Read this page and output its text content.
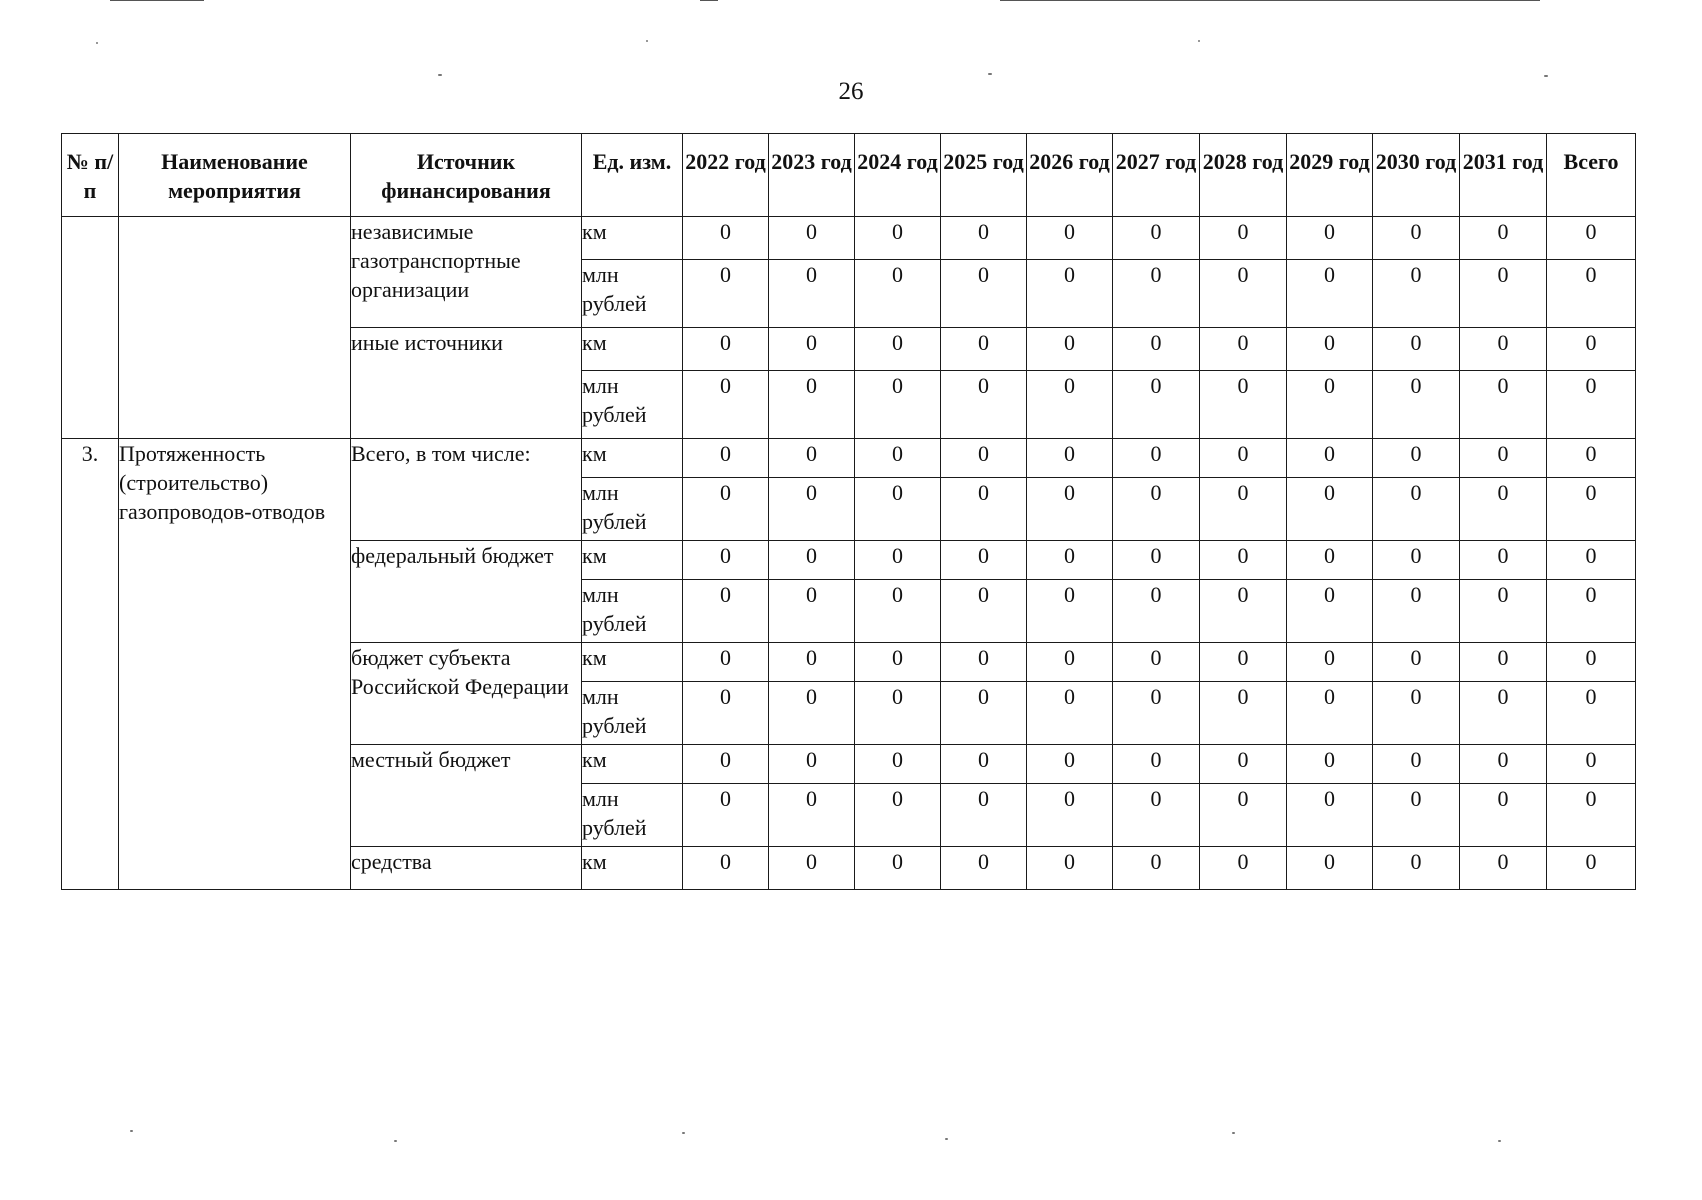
26
№ п/п	Наименование мероприятия	Источник финансирования	Ед. изм.	2022 год	2023 год	2024 год	2025 год	2026 год	2027 год	2028 год	2029 год	2030 год	2031 год	Всего
		независимые газотранспортные организации	км	0	0	0	0	0	0	0	0	0	0	0
			млн рублей	0	0	0	0	0	0	0	0	0	0	0
		иные источники	км	0	0	0	0	0	0	0	0	0	0	0
			млн рублей	0	0	0	0	0	0	0	0	0	0	0
3.	Протяженность (строительство) газопроводов-отводов	Всего, в том числе:	км	0	0	0	0	0	0	0	0	0	0	0
			млн рублей	0	0	0	0	0	0	0	0	0	0	0
		федеральный бюджет	км	0	0	0	0	0	0	0	0	0	0	0
			млн рублей	0	0	0	0	0	0	0	0	0	0	0
		бюджет субъекта Российской Федерации	км	0	0	0	0	0	0	0	0	0	0	0
			млн рублей	0	0	0	0	0	0	0	0	0	0	0
		местный бюджет	км	0	0	0	0	0	0	0	0	0	0	0
			млн рублей	0	0	0	0	0	0	0	0	0	0	0
		средства	км	0	0	0	0	0	0	0	0	0	0	0
